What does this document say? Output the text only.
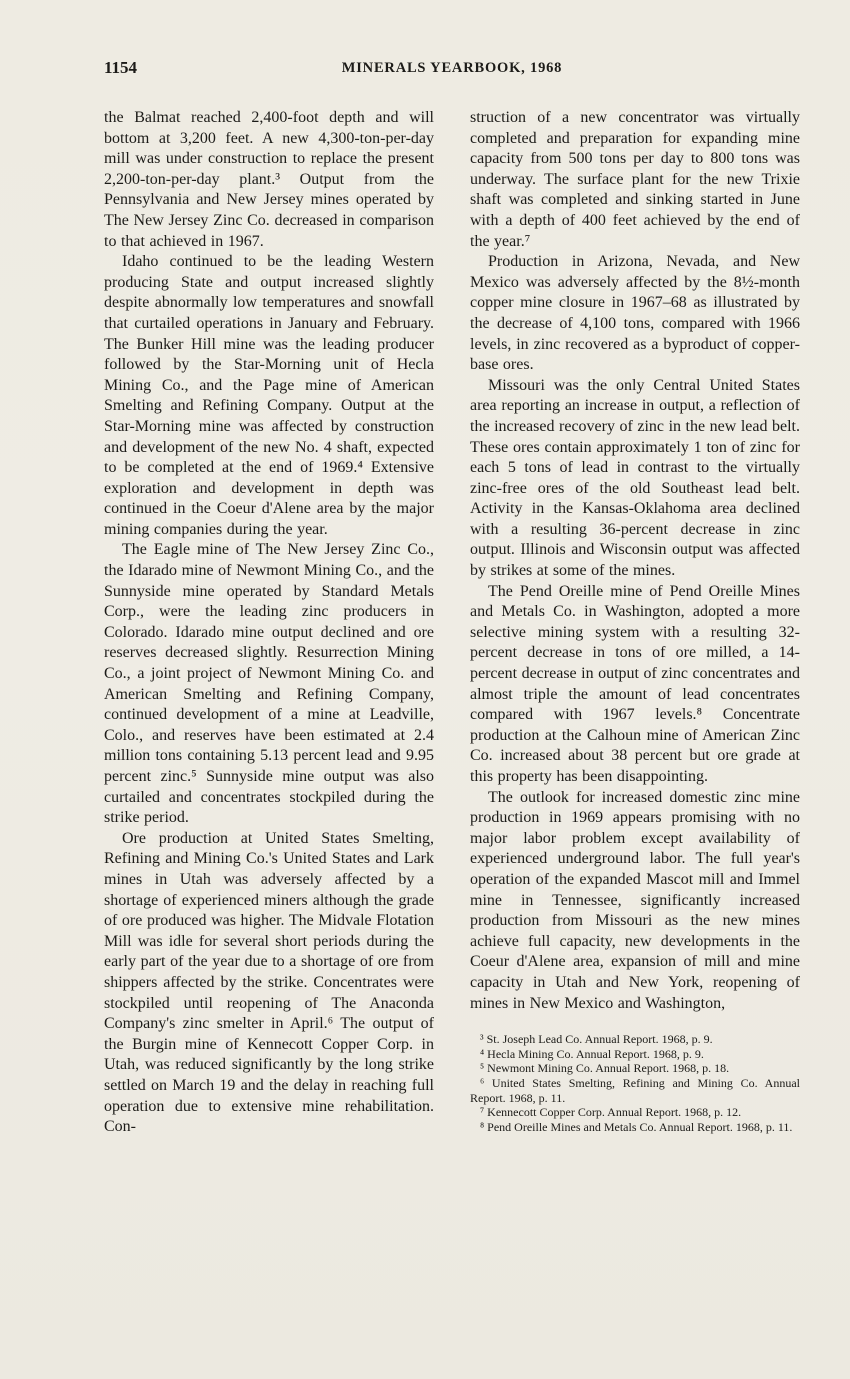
1154	MINERALS YEARBOOK, 1968

the Balmat reached 2,400-foot depth and will bottom at 3,200 feet. A new 4,300-ton-per-day mill was under construction to replace the present 2,200-ton-per-day plant.³ Output from the Pennsylvania and New Jersey mines operated by The New Jersey Zinc Co. decreased in comparison to that achieved in 1967.

Idaho continued to be the leading Western producing State and output increased slightly despite abnormally low temperatures and snowfall that curtailed operations in January and February. The Bunker Hill mine was the leading producer followed by the Star-Morning unit of Hecla Mining Co., and the Page mine of American Smelting and Refining Company. Output at the Star-Morning mine was affected by construction and development of the new No. 4 shaft, expected to be completed at the end of 1969.⁴ Extensive exploration and development in depth was continued in the Coeur d'Alene area by the major mining companies during the year.

The Eagle mine of The New Jersey Zinc Co., the Idarado mine of Newmont Mining Co., and the Sunnyside mine operated by Standard Metals Corp., were the leading zinc producers in Colorado. Idarado mine output declined and ore reserves decreased slightly. Resurrection Mining Co., a joint project of Newmont Mining Co. and American Smelting and Refining Company, continued development of a mine at Leadville, Colo., and reserves have been estimated at 2.4 million tons containing 5.13 percent lead and 9.95 percent zinc.⁵ Sunnyside mine output was also curtailed and concentrates stockpiled during the strike period.

Ore production at United States Smelting, Refining and Mining Co.'s United States and Lark mines in Utah was adversely affected by a shortage of experienced miners although the grade of ore produced was higher. The Midvale Flotation Mill was idle for several short periods during the early part of the year due to a shortage of ore from shippers affected by the strike. Concentrates were stockpiled until reopening of The Anaconda Company's zinc smelter in April.⁶ The output of the Burgin mine of Kennecott Copper Corp. in Utah, was reduced significantly by the long strike settled on March 19 and the delay in reaching full operation due to extensive mine rehabilitation. Con-

struction of a new concentrator was virtually completed and preparation for expanding mine capacity from 500 tons per day to 800 tons was underway. The surface plant for the new Trixie shaft was completed and sinking started in June with a depth of 400 feet achieved by the end of the year.⁷

Production in Arizona, Nevada, and New Mexico was adversely affected by the 8½-month copper mine closure in 1967–68 as illustrated by the decrease of 4,100 tons, compared with 1966 levels, in zinc recovered as a byproduct of copper-base ores.

Missouri was the only Central United States area reporting an increase in output, a reflection of the increased recovery of zinc in the new lead belt. These ores contain approximately 1 ton of zinc for each 5 tons of lead in contrast to the virtually zinc-free ores of the old Southeast lead belt. Activity in the Kansas-Oklahoma area declined with a resulting 36-percent decrease in zinc output. Illinois and Wisconsin output was affected by strikes at some of the mines.

The Pend Oreille mine of Pend Oreille Mines and Metals Co. in Washington, adopted a more selective mining system with a resulting 32-percent decrease in tons of ore milled, a 14-percent decrease in output of zinc concentrates and almost triple the amount of lead concentrates compared with 1967 levels.⁸ Concentrate production at the Calhoun mine of American Zinc Co. increased about 38 percent but ore grade at this property has been disappointing.

The outlook for increased domestic zinc mine production in 1969 appears promising with no major labor problem except availability of experienced underground labor. The full year's operation of the expanded Mascot mill and Immel mine in Tennessee, significantly increased production from Missouri as the new mines achieve full capacity, new developments in the Coeur d'Alene area, expansion of mill and mine capacity in Utah and New York, reopening of mines in New Mexico and Washington,

³ St. Joseph Lead Co. Annual Report. 1968, p. 9.

⁴ Hecla Mining Co. Annual Report. 1968, p. 9.

⁵ Newmont Mining Co. Annual Report. 1968, p. 18.

⁶ United States Smelting, Refining and Mining Co. Annual Report. 1968, p. 11.

⁷ Kennecott Copper Corp. Annual Report. 1968, p. 12.

⁸ Pend Oreille Mines and Metals Co. Annual Report. 1968, p. 11.
